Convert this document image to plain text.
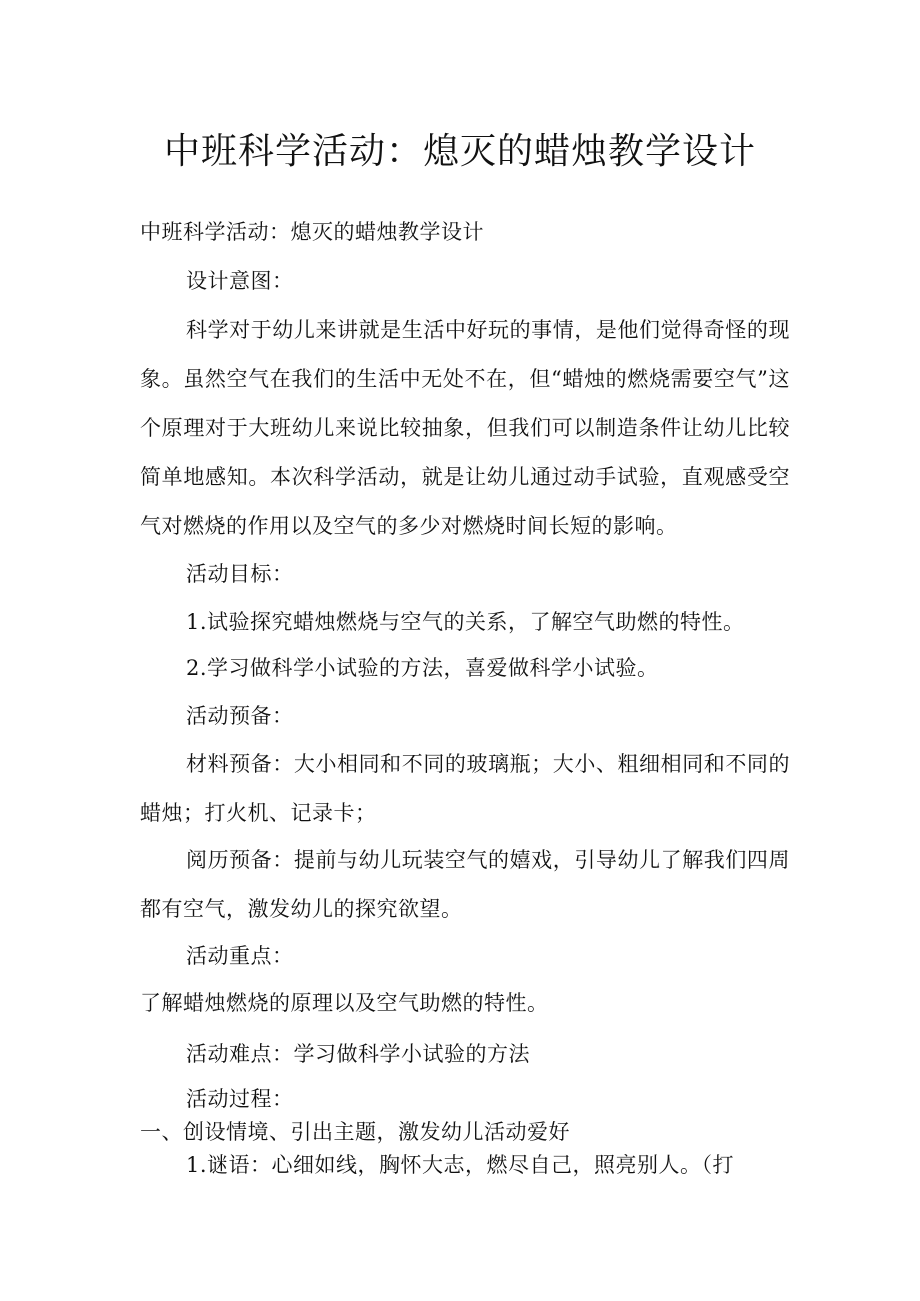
中班科学活动：熄灭的蜡烛教学设计

中班科学活动：熄灭的蜡烛教学设计

设计意图：

科学对于幼儿来讲就是生活中好玩的事情，是他们觉得奇怪的现象。虽然空气在我们的生活中无处不在，但“蜡烛的燃烧需要空气”这个原理对于大班幼儿来说比较抽象，但我们可以制造条件让幼儿比较简单地感知。本次科学活动，就是让幼儿通过动手试验，直观感受空气对燃烧的作用以及空气的多少对燃烧时间长短的影响。

活动目标：

1.试验探究蜡烛燃烧与空气的关系，了解空气助燃的特性。

2.学习做科学小试验的方法，喜爱做科学小试验。

活动预备：

材料预备：大小相同和不同的玻璃瓶；大小、粗细相同和不同的蜡烛；打火机、记录卡；

阅历预备：提前与幼儿玩装空气的嬉戏，引导幼儿了解我们四周都有空气，激发幼儿的探究欲望。

活动重点：

了解蜡烛燃烧的原理以及空气助燃的特性。

活动难点：学习做科学小试验的方法

活动过程：

一、创设情境、引出主题，激发幼儿活动爱好

1.谜语：心细如线，胸怀大志，燃尽自己，照亮别人。（打
